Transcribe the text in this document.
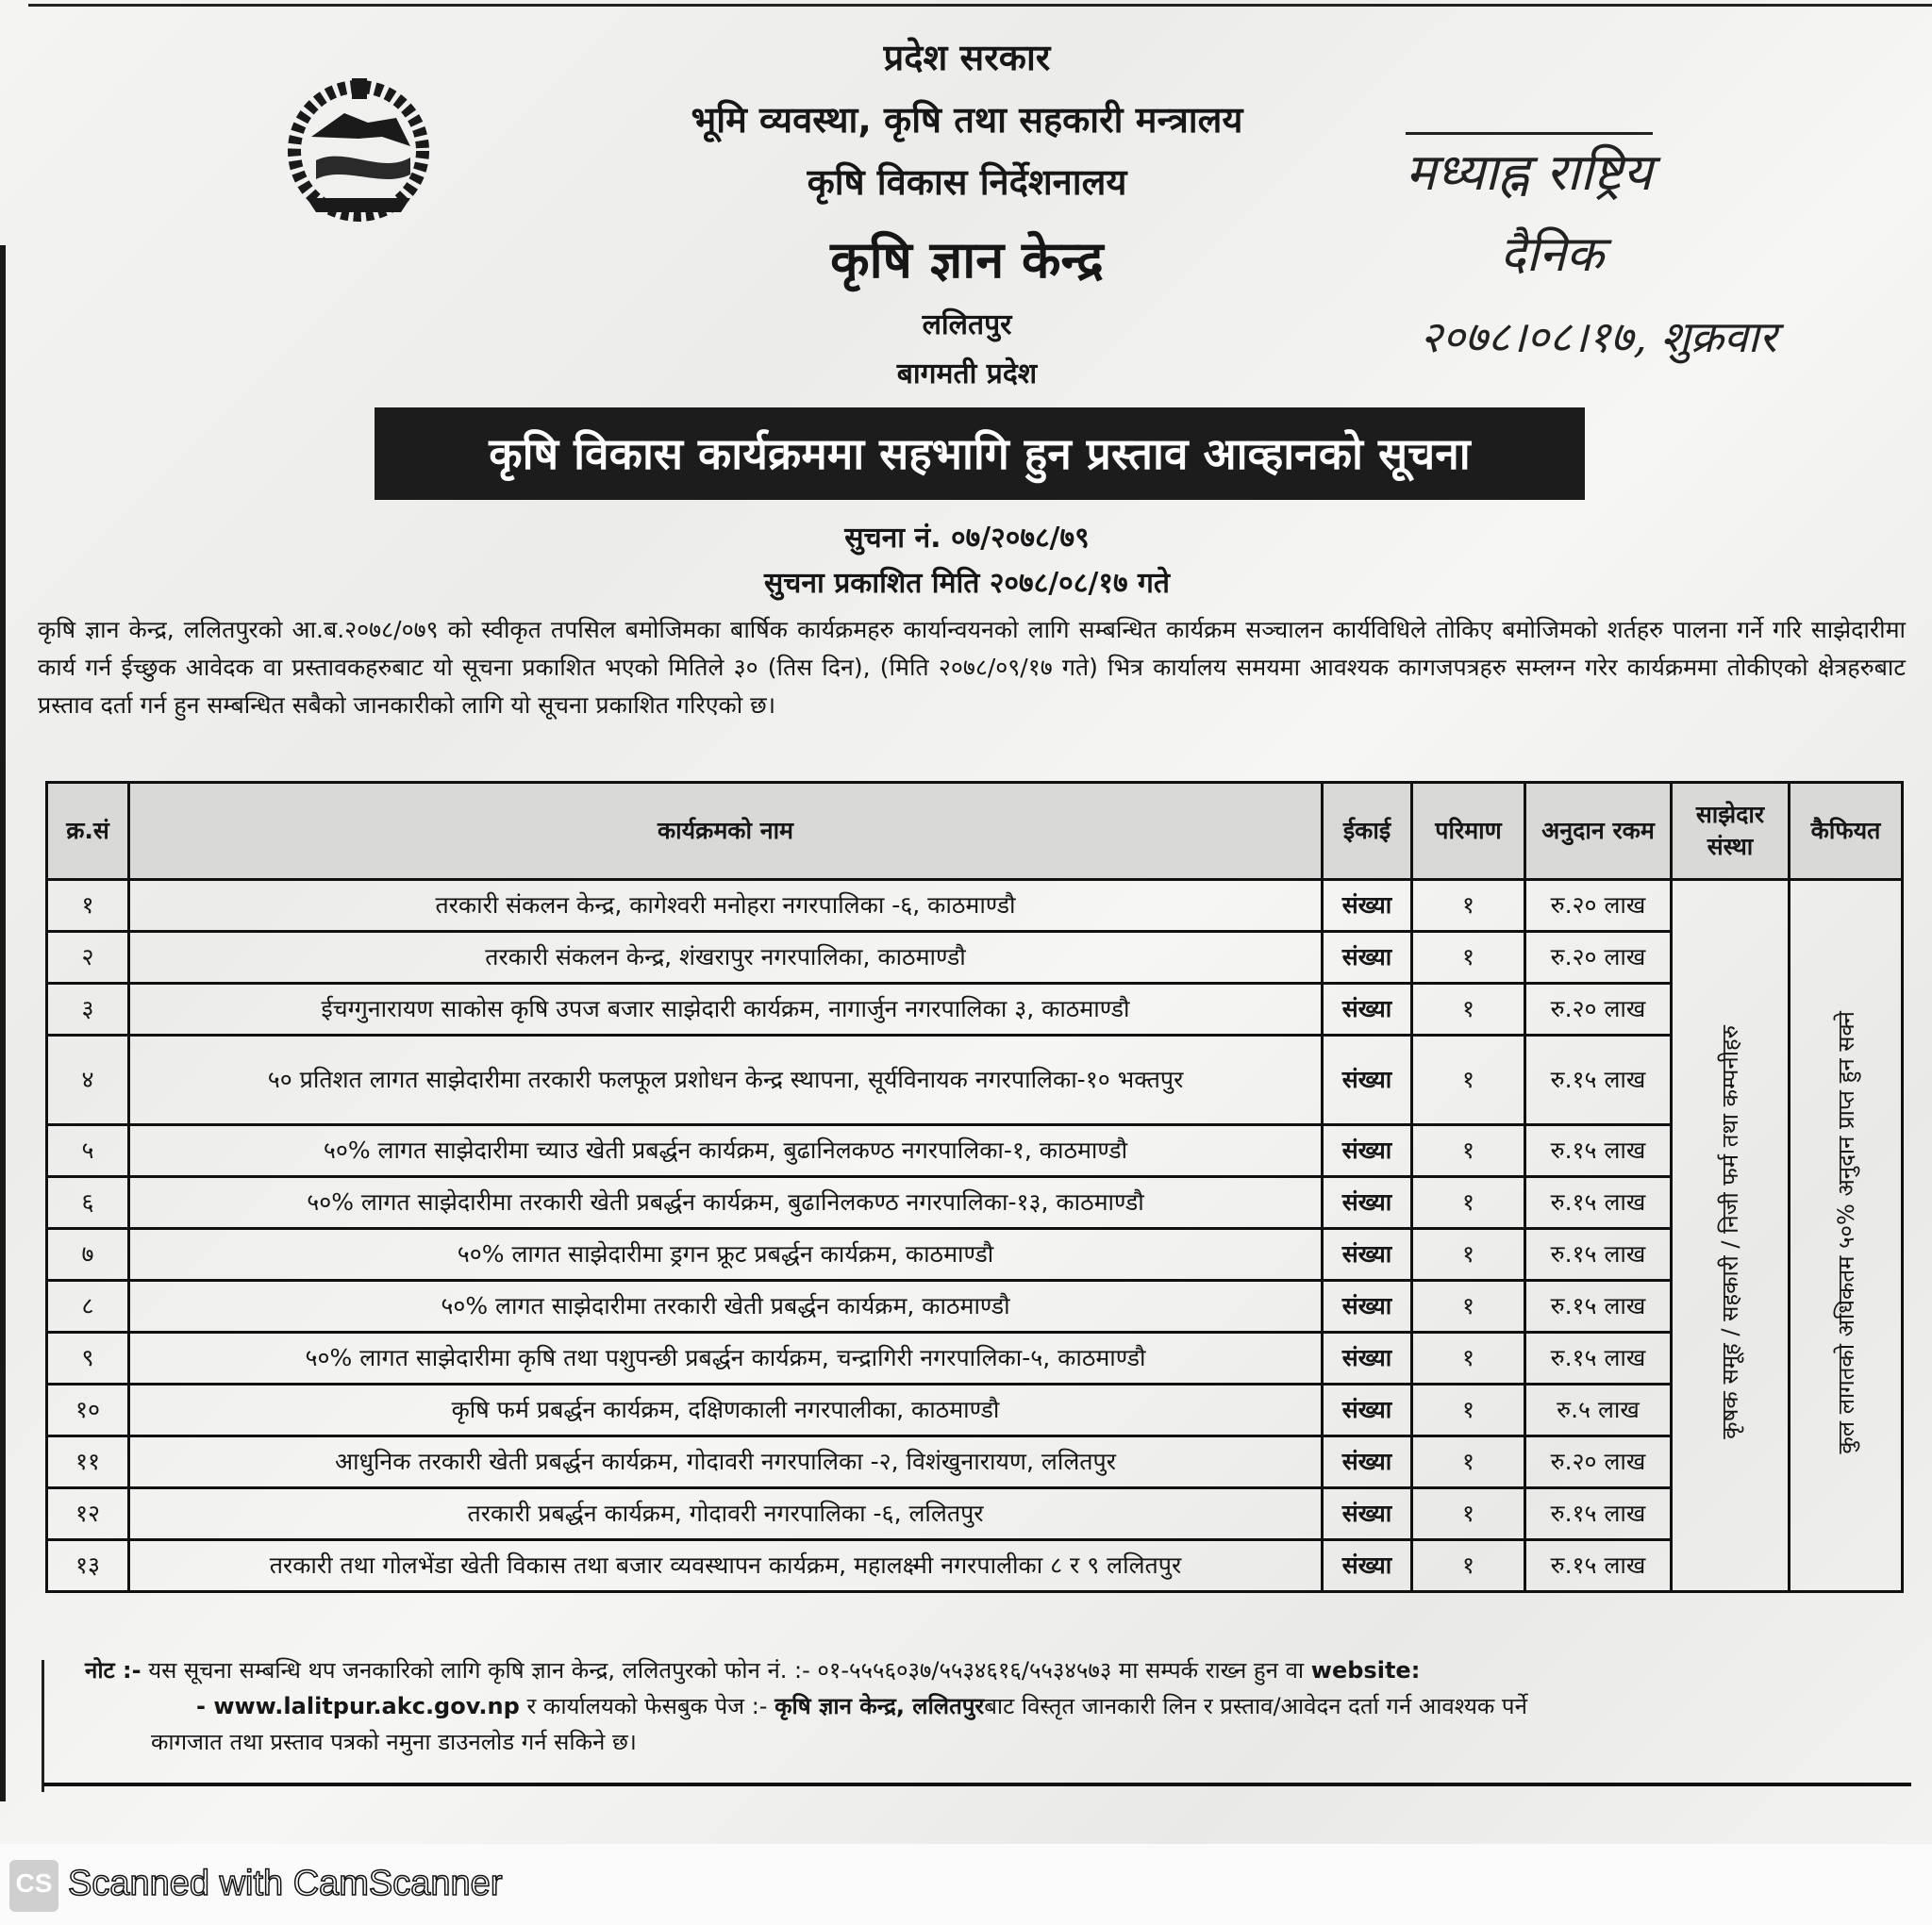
प्रदेश सरकार
भूमि व्यवस्था, कृषि तथा सहकारी मन्त्रालय
कृषि विकास निर्देशनालय
कृषि ज्ञान केन्द्र
ललितपुर
बागमती प्रदेश
मध्याह्न राष्ट्रिय
दैनिक
२०७८।०८।१७, शुक्रवार
कृषि विकास कार्यक्रममा सहभागि हुन प्रस्ताव आव्हानको सूचना
सुचना नं. ०७/२०७८/७९
सुचना प्रकाशित मिति २०७८/०८/१७ गते
कृषि ज्ञान केन्द्र, ललितपुरको आ.ब.२०७८/०७९ को स्वीकृत तपसिल बमोजिमका बार्षिक कार्यक्रमहरु कार्यान्वयनको लागि सम्बन्धित कार्यक्रम सञ्चालन कार्यविधिले तोकिए बमोजिमको शर्तहरु पालना गर्ने गरि साझेदारीमा कार्य गर्न ईच्छुक आवेदक वा प्रस्तावकहरुबाट यो सूचना प्रकाशित भएको मितिले ३० (तिस दिन), (मिति २०७८/०९/१७ गते) भित्र कार्यालय समयमा आवश्यक कागजपत्रहरु सम्लग्न गरेर कार्यक्रममा तोकीएको क्षेत्रहरुबाट प्रस्ताव दर्ता गर्न हुन सम्बन्धित सबैको जानकारीको लागि यो सूचना प्रकाशित गरिएको छ।
क्र.सं	कार्यक्रमको नाम	ईकाई	परिमाण	अनुदान रकम	साझेदार संस्था	कैफियत
१	तरकारी संकलन केन्द्र, कागेश्वरी मनोहरा नगरपालिका -६, काठमाण्डौ	संख्या	१	रु.२० लाख	कृषक समूह / सहकारी / निजी फर्म तथा कम्पनीहरु	कुल लागतको अधिकतम ५०% अनुदान प्राप्त हुन सक्ने
२	तरकारी संकलन केन्द्र, शंखरापुर नगरपालिका, काठमाण्डौ	संख्या	१	रु.२० लाख		
३	ईचग्गुनारायण साकोस कृषि उपज बजार साझेदारी कार्यक्रम, नागार्जुन नगरपालिका ३, काठमाण्डौ	संख्या	१	रु.२० लाख		
४	५० प्रतिशत लागत साझेदारीमा तरकारी फलफूल प्रशोधन केन्द्र स्थापना, सूर्यविनायक नगरपालिका-१० भक्तपुर	संख्या	१	रु.१५ लाख		
५	५०% लागत साझेदारीमा च्याउ खेती प्रबर्द्धन कार्यक्रम, बुढानिलकण्ठ नगरपालिका-१, काठमाण्डौ	संख्या	१	रु.१५ लाख		
६	५०% लागत साझेदारीमा तरकारी खेती प्रबर्द्धन कार्यक्रम, बुढानिलकण्ठ नगरपालिका-१३, काठमाण्डौ	संख्या	१	रु.१५ लाख		
७	५०% लागत साझेदारीमा ड्रगन फ्रूट प्रबर्द्धन कार्यक्रम, काठमाण्डौ	संख्या	१	रु.१५ लाख		
८	५०% लागत साझेदारीमा तरकारी खेती प्रबर्द्धन कार्यक्रम, काठमाण्डौ	संख्या	१	रु.१५ लाख		
९	५०% लागत साझेदारीमा कृषि तथा पशुपन्छी प्रबर्द्धन कार्यक्रम, चन्द्रागिरी नगरपालिका-५, काठमाण्डौ	संख्या	१	रु.१५ लाख		
१०	कृषि फर्म प्रबर्द्धन कार्यक्रम, दक्षिणकाली नगरपालीका, काठमाण्डौ	संख्या	१	रु.५ लाख		
११	आधुनिक तरकारी खेती प्रबर्द्धन कार्यक्रम, गोदावरी नगरपालिका -२, विशंखुनारायण, ललितपुर	संख्या	१	रु.२० लाख		
१२	तरकारी प्रबर्द्धन कार्यक्रम, गोदावरी नगरपालिका -६, ललितपुर	संख्या	१	रु.१५ लाख		
१३	तरकारी तथा गोलभेंडा खेती विकास तथा बजार व्यवस्थापन कार्यक्रम, महालक्ष्मी नगरपालीका ८ र ९ ललितपुर	संख्या	१	रु.१५ लाख		
नोट :- यस सूचना सम्बन्धि थप जनकारिको लागि कृषि ज्ञान केन्द्र, ललितपुरको फोन नं. :- ०१-५५५६०३७/५५३४६१६/५५३४५७३ मा सम्पर्क राख्न हुन वा website:
- www.lalitpur.akc.gov.np र कार्यालयको फेसबुक पेज :- कृषि ज्ञान केन्द्र, ललितपुरबाट विस्तृत जानकारी लिन र प्रस्ताव/आवेदन दर्ता गर्न आवश्यक पर्ने
कागजात तथा प्रस्ताव पत्रको नमुना डाउनलोड गर्न सकिने छ।
CS Scanned with CamScanner
